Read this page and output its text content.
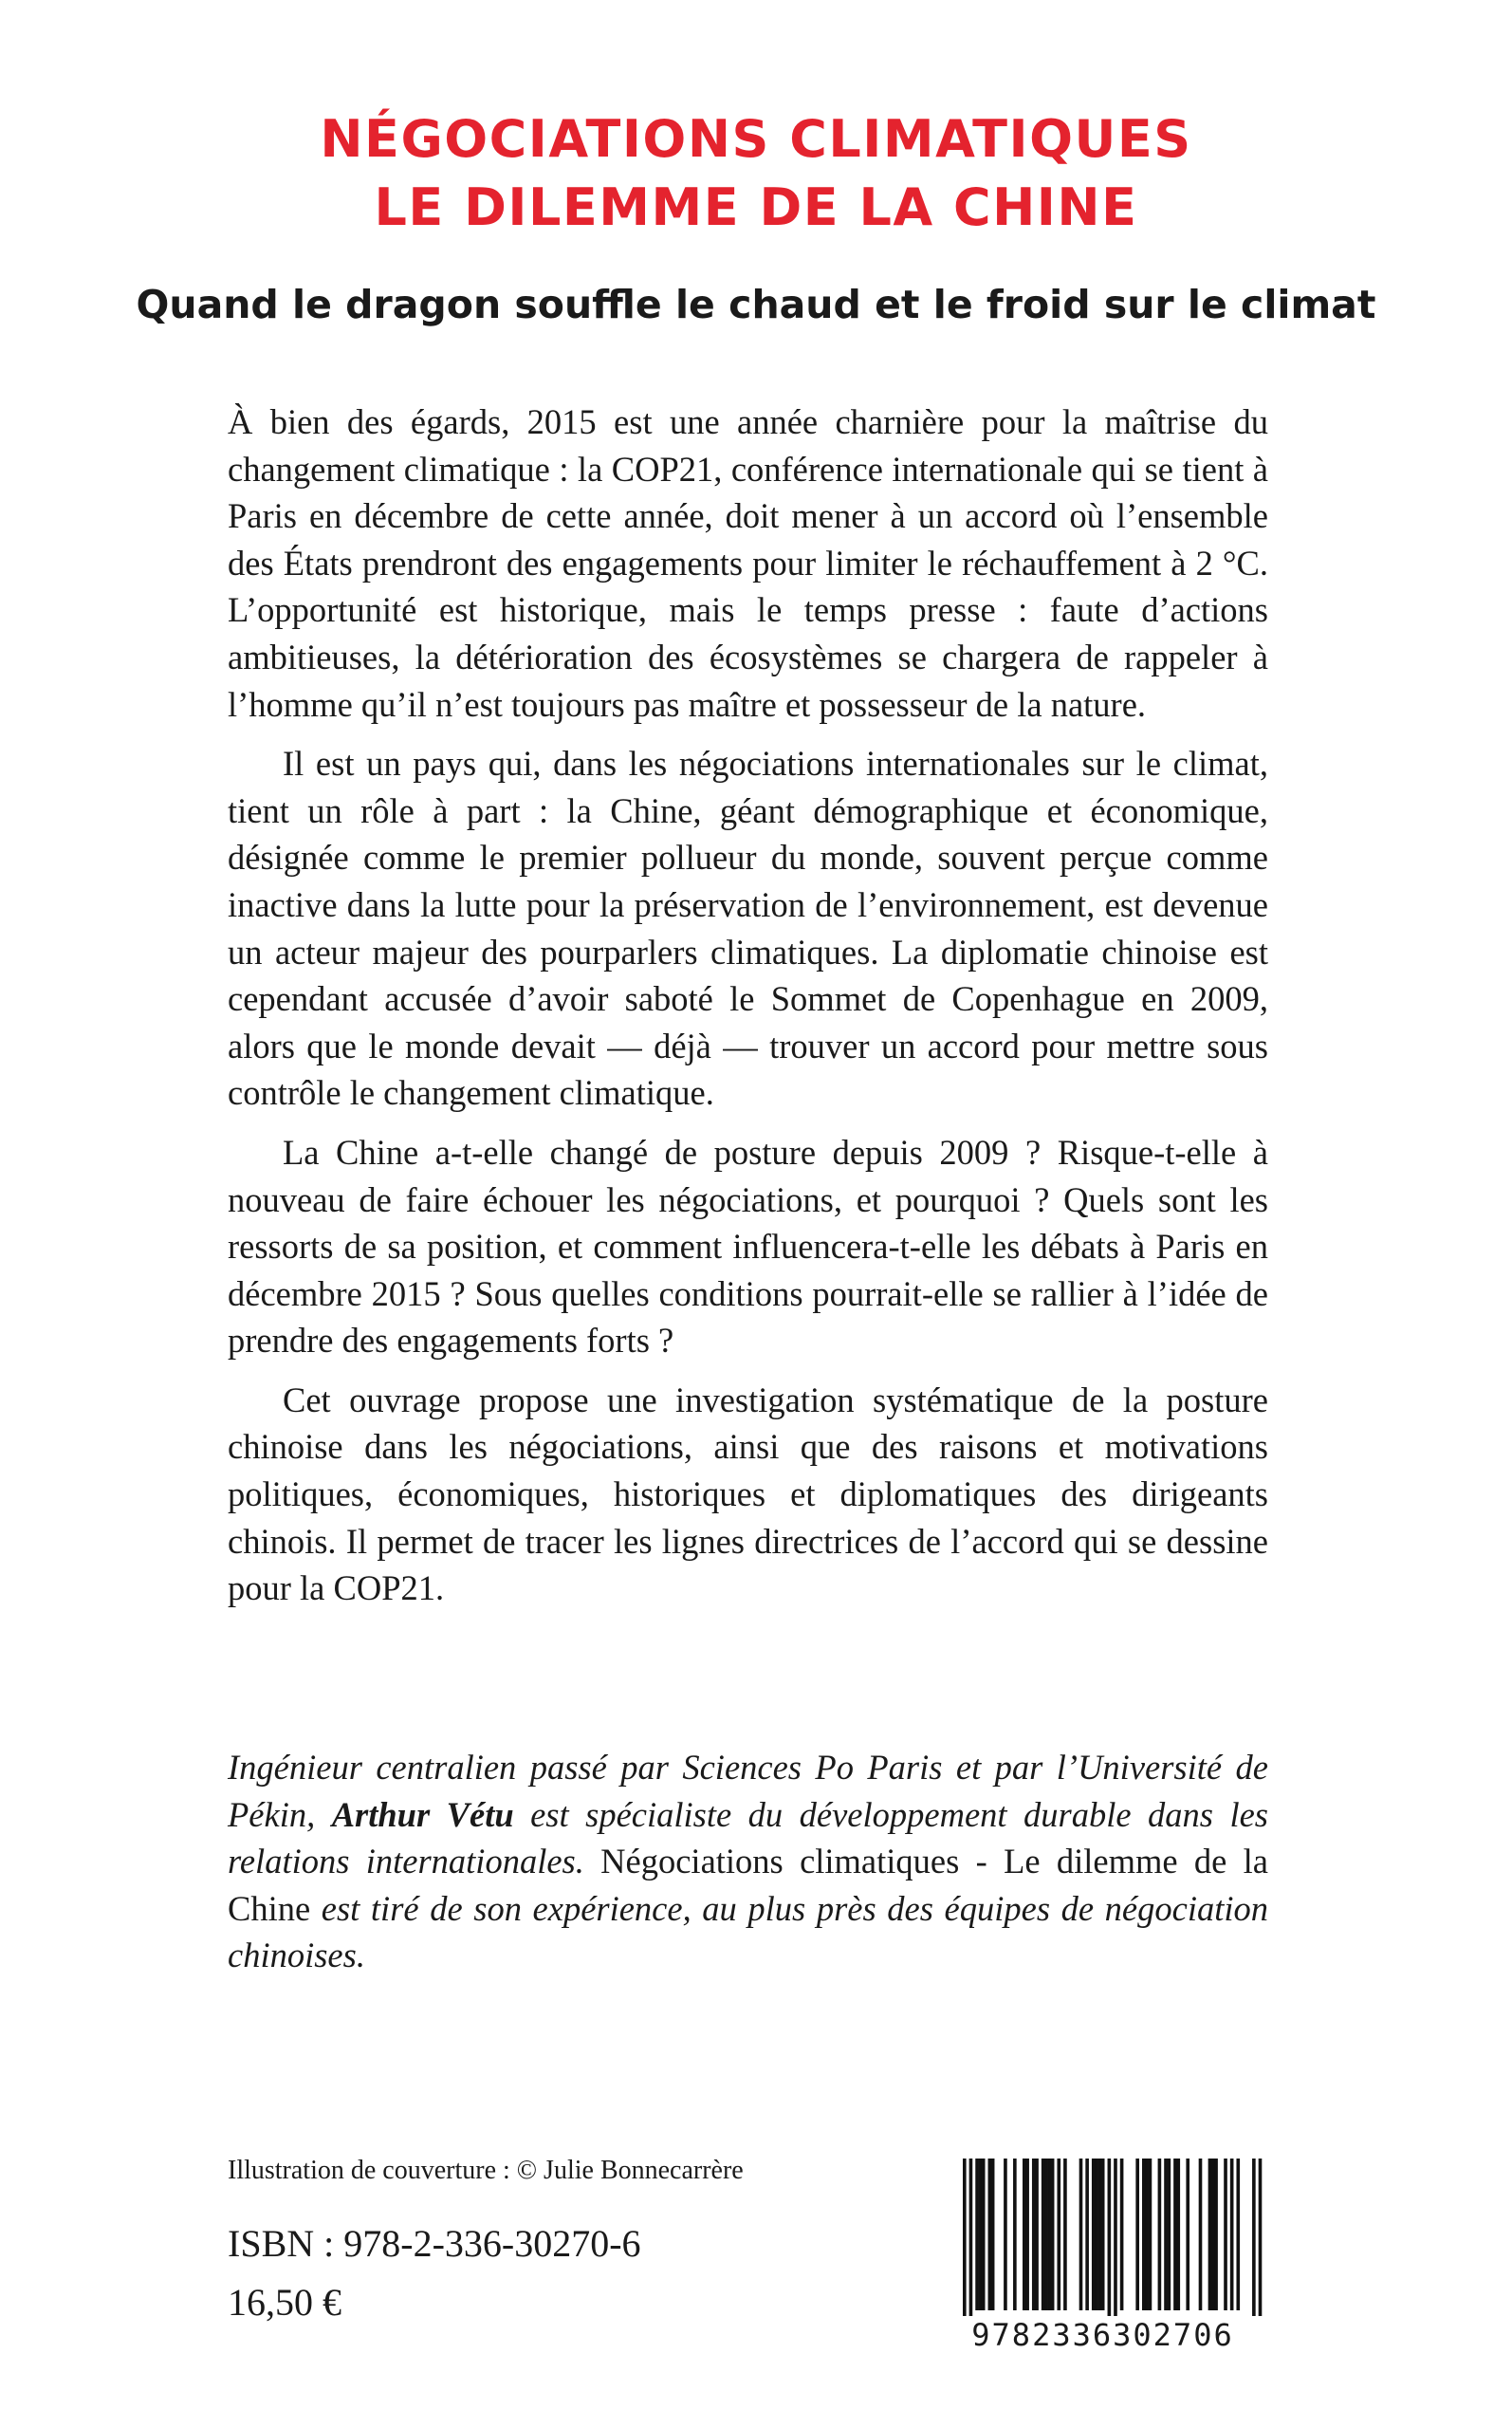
NÉGOCIATIONS CLIMATIQUES
LE DILEMME DE LA CHINE
Quand le dragon souffle le chaud et le froid sur le climat

À bien des égards, 2015 est une année charnière pour la maîtrise du changement climatique : la COP21, conférence internationale qui se tient à Paris en décembre de cette année, doit mener à un accord où l’ensemble des États prendront des engagements pour limiter le réchauffement à 2 °C. L’opportunité est historique, mais le temps presse : faute d’actions ambitieuses, la détérioration des écosystèmes se chargera de rappeler à l’homme qu’il n’est toujours pas maître et possesseur de la nature.

Il est un pays qui, dans les négociations internationales sur le climat, tient un rôle à part : la Chine, géant démographique et économique, désignée comme le premier pollueur du monde, souvent perçue comme inactive dans la lutte pour la préservation de l’environnement, est devenue un acteur majeur des pourparlers climatiques. La diplomatie chinoise est cependant accusée d’avoir saboté le Sommet de Copenhague en 2009, alors que le monde devait — déjà — trouver un accord pour mettre sous contrôle le changement climatique.

La Chine a-t-elle changé de posture depuis 2009 ? Risque-t-elle à nouveau de faire échouer les négociations, et pourquoi ? Quels sont les ressorts de sa position, et comment influencera-t-elle les débats à Paris en décembre 2015 ? Sous quelles conditions pourrait-elle se rallier à l’idée de prendre des engagements forts ?

Cet ouvrage propose une investigation systématique de la posture chinoise dans les négociations, ainsi que des raisons et motivations politiques, économiques, historiques et diplomatiques des dirigeants chinois. Il permet de tracer les lignes directrices de l’accord qui se dessine pour la COP21.

Ingénieur centralien passé par Sciences Po Paris et par l’Université de Pékin, Arthur Vétu est spécialiste du développement durable dans les relations internationales. Négociations climatiques - Le dilemme de la Chine est tiré de son expérience, au plus près des équipes de négociation chinoises.

Illustration de couverture : © Julie Bonnecarrère

ISBN : 978-2-336-30270-6

16,50 €

9782336302706
